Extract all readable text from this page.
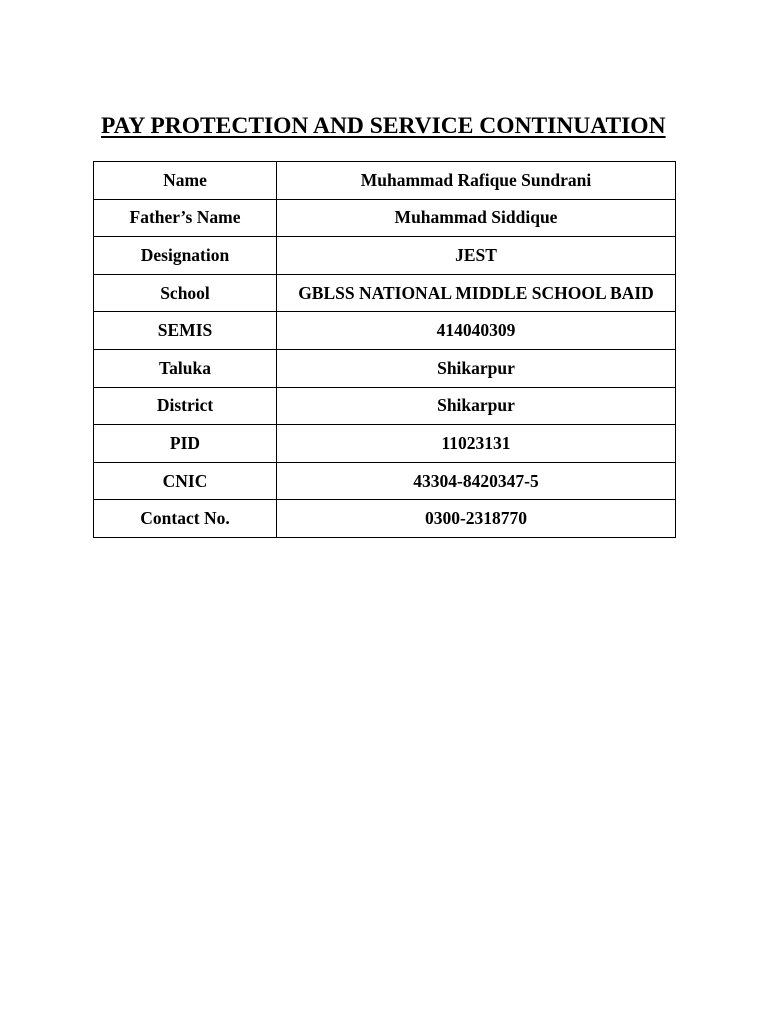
PAY PROTECTION AND SERVICE CONTINUATION
Name	Muhammad Rafique Sundrani
Father’s Name	Muhammad Siddique
Designation	JEST
School	GBLSS NATIONAL MIDDLE SCHOOL BAID
SEMIS	414040309
Taluka	Shikarpur
District	Shikarpur
PID	11023131
CNIC	43304-8420347-5
Contact No.	0300-2318770
